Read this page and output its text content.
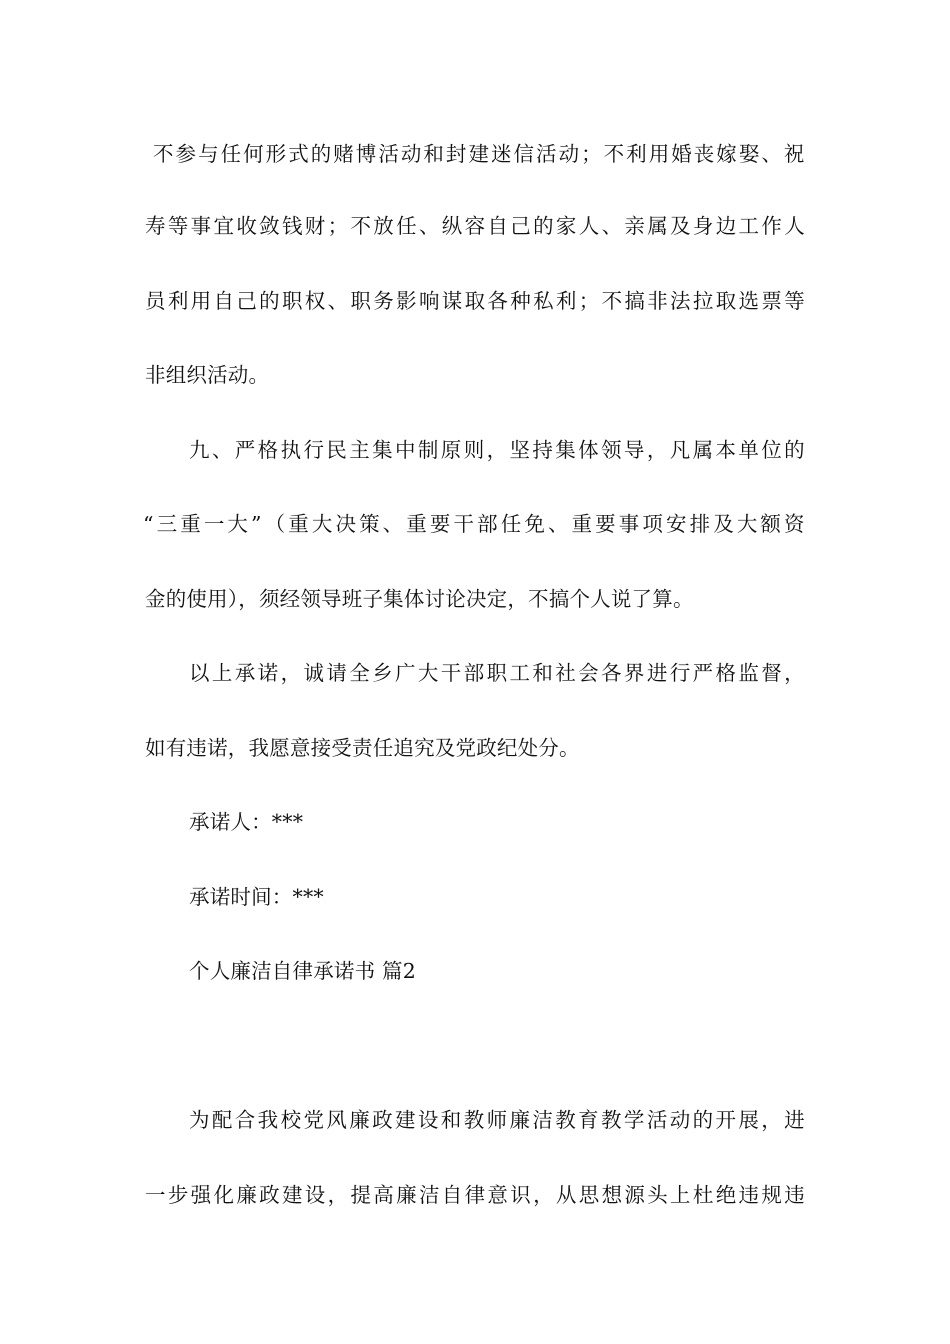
不 参 与 任 何 形 式 的 赌 博 活 动 和 封 建 迷 信 活 动 ； 不 利 用 婚 丧 嫁 娶 、 祝
寿 等 事 宜 收 敛 钱 财 ； 不 放 任 、 纵 容 自 己 的 家 人 、 亲 属 及 身 边 工 作 人
员 利 用 自 己 的 职 权 、 职 务 影 响 谋 取 各 种 私 利 ； 不 搞 非 法 拉 取 选 票 等
非组织活动。
九 、 严 格 执 行 民 主 集 中 制 原 则 ， 坚 持 集 体 领 导 ， 凡 属 本 单 位 的
“ 三 重 一 大 ” （ 重 大 决 策 、 重 要 干 部 任 免 、 重 要 事 项 安 排 及 大 额 资
金的使用），须经领导班子集体讨论决定，不搞个人说了算。
以 上 承 诺 ， 诚 请 全 乡 广 大 干 部 职 工 和 社 会 各 界 进 行 严 格 监 督 ，
如有违诺，我愿意接受责任追究及党政纪处分。
承诺人：***
承诺时间：***
个人廉洁自律承诺书 篇2
为 配 合 我 校 党 风 廉 政 建 设 和 教 师 廉 洁 教 育 教 学 活 动 的 开 展 ， 进
一 步 强 化 廉 政 建 设 ， 提 高 廉 洁 自 律 意 识 ， 从 思 想 源 头 上 杜 绝 违 规 违
